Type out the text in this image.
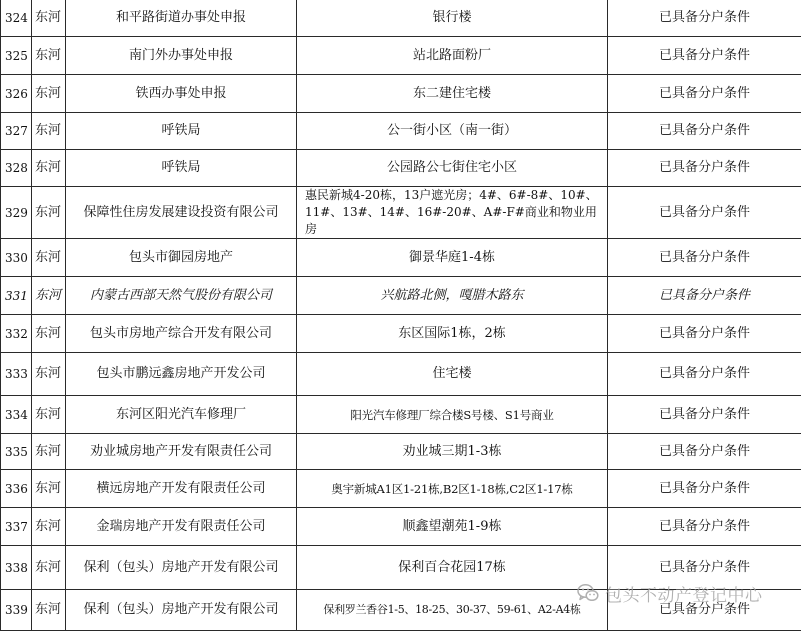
324	东河	和平路街道办事处申报	银行楼	已具备分户条件
325	东河	南门外办事处申报	站北路面粉厂	已具备分户条件
326	东河	铁西办事处申报	东二建住宅楼	已具备分户条件
327	东河	呼铁局	公一街小区（南一街）	已具备分户条件
328	东河	呼铁局	公园路公七街住宅小区	已具备分户条件
329	东河	保障性住房发展建设投资有限公司	惠民新城4-20栋，13户遮光房；4#、6#-8#、10#、11#、13#、14#、16#-20#、A#-F#商业和物业用房	已具备分户条件
330	东河	包头市御园房地产	御景华庭1-4栋	已具备分户条件
331	东河	内蒙古西部天然气股份有限公司	兴航路北侧，嘎腊木路东	已具备分户条件
332	东河	包头市房地产综合开发有限公司	东区国际1栋，2栋	已具备分户条件
333	东河	包头市鹏远鑫房地产开发公司	住宅楼	已具备分户条件
334	东河	东河区阳光汽车修理厂	阳光汽车修理厂综合楼S号楼、S1号商业	已具备分户条件
335	东河	劝业城房地产开发有限责任公司	劝业城三期1-3栋	已具备分户条件
336	东河	横远房地产开发有限责任公司	奥宇新城A1区1-21栋,B2区1-18栋,C2区1-17栋	已具备分户条件
337	东河	金瑞房地产开发有限责任公司	顺鑫望潮苑1-9栋	已具备分户条件
338	东河	保利（包头）房地产开发有限公司	保利百合花园17栋	已具备分户条件
339	东河	保利（包头）房地产开发有限公司	保利罗兰香谷1-5、18-25、30-37、59-61、A2-A4栋	已具备分户条件
包头不动产登记中心
